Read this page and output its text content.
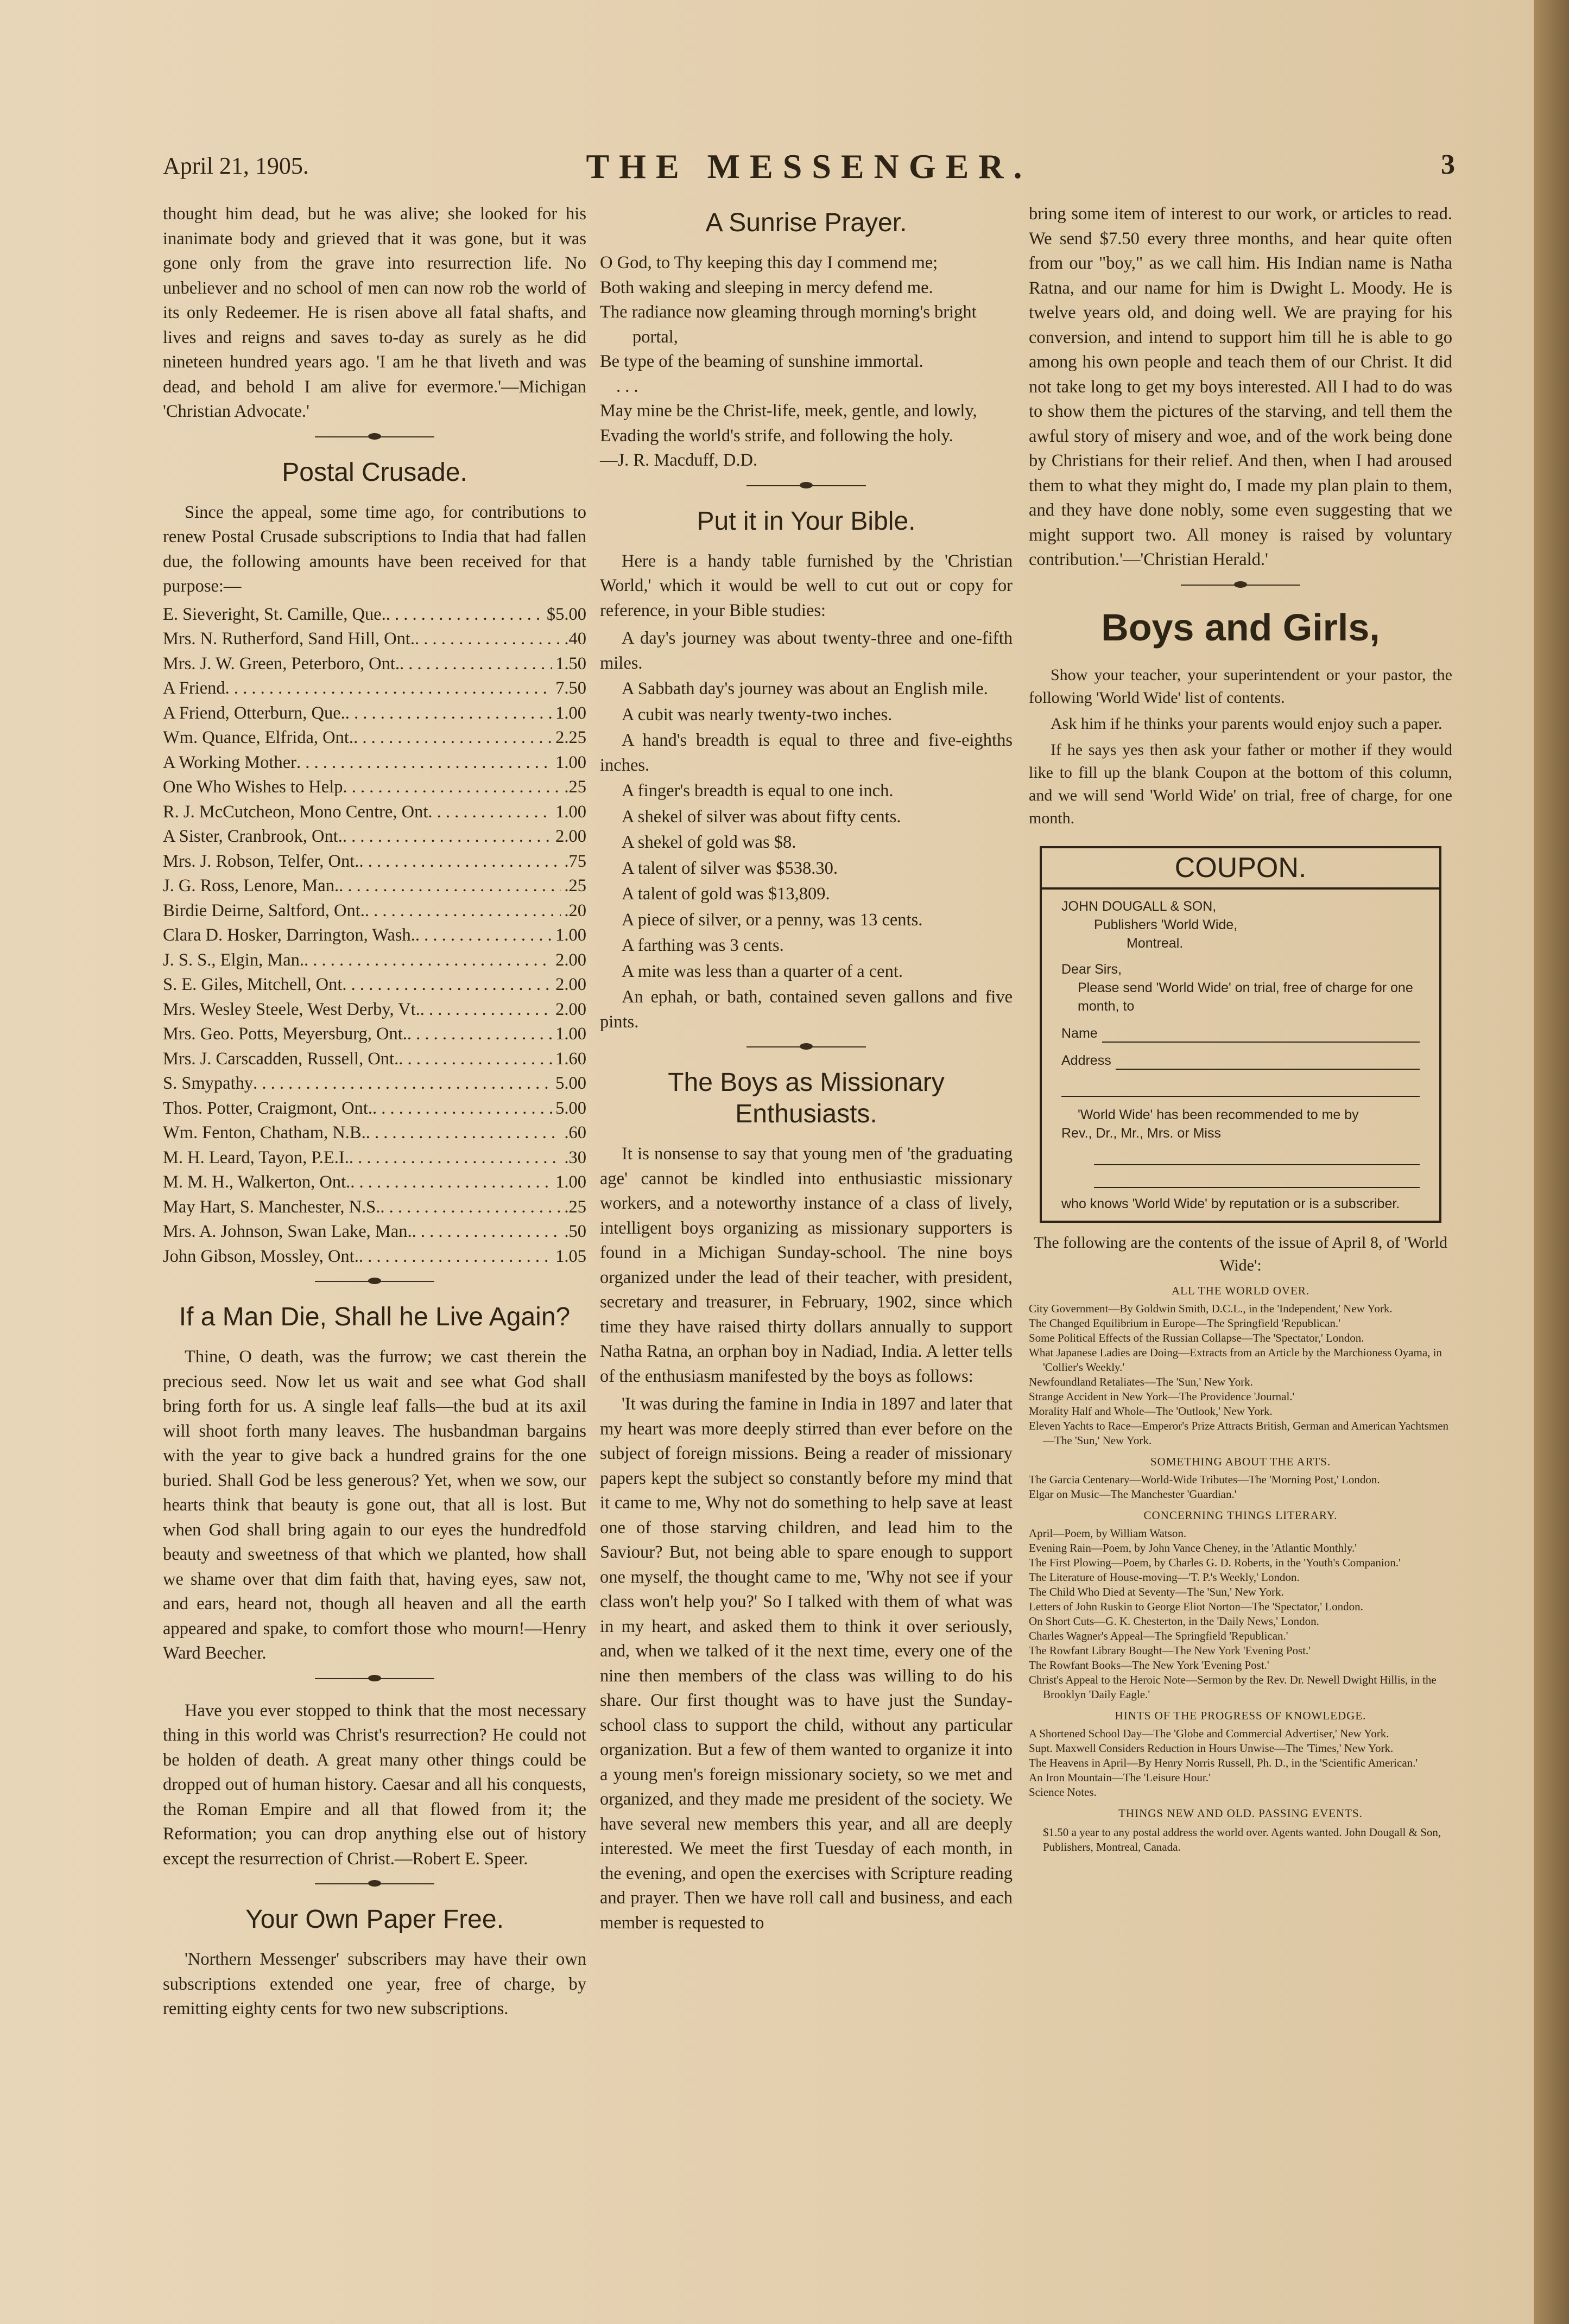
April 21, 1905.	THE MESSENGER.	3

thought him dead, but he was alive; she looked for his inanimate body and grieved that it was gone, but it was gone only from the grave into resurrection life. No unbeliever and no school of men can now rob the world of its only Redeemer. He is risen above all fatal shafts, and lives and reigns and saves to-day as surely as he did nineteen hundred years ago. 'I am he that liveth and was dead, and behold I am alive for evermore.'—Michigan 'Christian Advocate.'

Postal Crusade.

Since the appeal, some time ago, for contributions to renew Postal Crusade subscriptions to India that had fallen due, the following amounts have been received for that purpose:—

E. Sieveright, St. Camille, Que. . . .	$5.00
Mrs. N. Rutherford, Sand Hill, Ont. . . .	.40
Mrs. J. W. Green, Peterboro, Ont. . . .	1.50
A Friend . . .	7.50
A Friend, Otterburn, Que. . . .	1.00
Wm. Quance, Elfrida, Ont. . . .	2.25
A Working Mother . . .	1.00
One Who Wishes to Help . . .	.25
R. J. McCutcheon, Mono Centre, Ont . . .	1.00
A Sister, Cranbrook, Ont. . . .	2.00
Mrs. J. Robson, Telfer, Ont. . . .	.75
J. G. Ross, Lenore, Man. . . .	.25
Birdie Deirne, Saltford, Ont. . . .	.20
Clara D. Hosker, Darrington, Wash. . . .	1.00
J. S. S., Elgin, Man. . . .	2.00
S. E. Giles, Mitchell, Ont . . .	2.00
Mrs. Wesley Steele, West Derby, Vt. . . .	2.00
Mrs. Geo. Potts, Meyersburg, Ont. . . .	1.00
Mrs. J. Carscadden, Russell, Ont. . . .	1.60
S. Smypathy . . .	5.00
Thos. Potter, Craigmont, Ont. . . .	5.00
Wm. Fenton, Chatham, N.B. . . .	.60
M. H. Leard, Tayon, P.E.I. . . .	.30
M. M. H., Walkerton, Ont. . . .	1.00
May Hart, S. Manchester, N.S. . . .	.25
Mrs. A. Johnson, Swan Lake, Man. . . .	.50
John Gibson, Mossley, Ont. . . .	1.05
If a Man Die, Shall he Live Again?

Thine, O death, was the furrow; we cast therein the precious seed. Now let us wait and see what God shall bring forth for us. A single leaf falls—the bud at its axil will shoot forth many leaves. The husbandman bargains with the year to give back a hundred grains for the one buried. Shall God be less generous? Yet, when we sow, our hearts think that beauty is gone out, that all is lost. But when God shall bring again to our eyes the hundredfold beauty and sweetness of that which we planted, how shall we shame over that dim faith that, having eyes, saw not, and ears, heard not, though all heaven and all the earth appeared and spake, to comfort those who mourn!—Henry Ward Beecher.

Have you ever stopped to think that the most necessary thing in this world was Christ's resurrection? He could not be holden of death. A great many other things could be dropped out of human history. Caesar and all his conquests, the Roman Empire and all that flowed from it; the Reformation; you can drop anything else out of history except the resurrection of Christ.—Robert E. Speer.

Your Own Paper Free.

'Northern Messenger' subscribers may have their own subscriptions extended one year, free of charge, by remitting eighty cents for two new subscriptions.

A Sunrise Prayer.

O God, to Thy keeping this day I commend me;

Both waking and sleeping in mercy defend me.

The radiance now gleaming through morning's bright portal,

Be type of the beaming of sunshine immortal.

. . .

May mine be the Christ-life, meek, gentle, and lowly,

Evading the world's strife, and following the holy.

—J. R. Macduff, D.D.

Put it in Your Bible.

Here is a handy table furnished by the 'Christian World,' which it would be well to cut out or copy for reference, in your Bible studies:

A day's journey was about twenty-three and one-fifth miles.

A Sabbath day's journey was about an English mile.

A cubit was nearly twenty-two inches.

A hand's breadth is equal to three and five-eighths inches.

A finger's breadth is equal to one inch.

A shekel of silver was about fifty cents.

A shekel of gold was $8.

A talent of silver was $538.30.

A talent of gold was $13,809.

A piece of silver, or a penny, was 13 cents.

A farthing was 3 cents.

A mite was less than a quarter of a cent.

An ephah, or bath, contained seven gallons and five pints.

The Boys as Missionary Enthusiasts.

It is nonsense to say that young men of 'the graduating age' cannot be kindled into enthusiastic missionary workers, and a noteworthy instance of a class of lively, intelligent boys organizing as missionary supporters is found in a Michigan Sunday-school. The nine boys organized under the lead of their teacher, with president, secretary and treasurer, in February, 1902, since which time they have raised thirty dollars annually to support Natha Ratna, an orphan boy in Nadiad, India. A letter tells of the enthusiasm manifested by the boys as follows:

'It was during the famine in India in 1897 and later that my heart was more deeply stirred than ever before on the subject of foreign missions. Being a reader of missionary papers kept the subject so constantly before my mind that it came to me, Why not do something to help save at least one of those starving children, and lead him to the Saviour? But, not being able to spare enough to support one myself, the thought came to me, 'Why not see if your class won't help you?' So I talked with them of what was in my heart, and asked them to think it over seriously, and, when we talked of it the next time, every one of the nine then members of the class was willing to do his share. Our first thought was to have just the Sunday-school class to support the child, without any particular organization. But a few of them wanted to organize it into a young men's foreign missionary society, so we met and organized, and they made me president of the society. We have several new members this year, and all are deeply interested. We meet the first Tuesday of each month, in the evening, and open the exercises with Scripture reading and prayer. Then we have roll call and business, and each member is requested to

bring some item of interest to our work, or articles to read. We send $7.50 every three months, and hear quite often from our "boy," as we call him. His Indian name is Natha Ratna, and our name for him is Dwight L. Moody. He is twelve years old, and doing well. We are praying for his conversion, and intend to support him till he is able to go among his own people and teach them of our Christ. It did not take long to get my boys interested. All I had to do was to show them the pictures of the starving, and tell them the awful story of misery and woe, and of the work being done by Christians for their relief. And then, when I had aroused them to what they might do, I made my plan plain to them, and they have done nobly, some even suggesting that we might support two. All money is raised by voluntary contribution.'—'Christian Herald.'

Boys and Girls,

Show your teacher, your superintendent or your pastor, the following 'World Wide' list of contents.

Ask him if he thinks your parents would enjoy such a paper.

If he says yes then ask your father or mother if they would like to fill up the blank Coupon at the bottom of this column, and we will send 'World Wide' on trial, free of charge, for one month.

COUPON.
JOHN DOUGALL & SON,
Publishers 'World Wide,
Montreal.
Dear Sirs,
Please send 'World Wide' on trial, free of charge for one month, to
Name
Address
'World Wide' has been recommended to me by
Rev., Dr., Mr., Mrs. or Miss
who knows 'World Wide' by reputation or is a subscriber.

The following are the contents of the issue of April 8, of 'World Wide':

ALL THE WORLD OVER.

City Government—By Goldwin Smith, D.C.L., in the 'Independent,' New York.

The Changed Equilibrium in Europe—The Springfield 'Republican.'

Some Political Effects of the Russian Collapse—The 'Spectator,' London.

What Japanese Ladies are Doing—Extracts from an Article by the Marchioness Oyama, in 'Collier's Weekly.'

Newfoundland Retaliates—The 'Sun,' New York.

Strange Accident in New York—The Providence 'Journal.'

Morality Half and Whole—The 'Outlook,' New York.

Eleven Yachts to Race—Emperor's Prize Attracts British, German and American Yachtsmen—The 'Sun,' New York.

SOMETHING ABOUT THE ARTS.

The Garcia Centenary—World-Wide Tributes—The 'Morning Post,' London.

Elgar on Music—The Manchester 'Guardian.'

CONCERNING THINGS LITERARY.

April—Poem, by William Watson.

Evening Rain—Poem, by John Vance Cheney, in the 'Atlantic Monthly.'

The First Plowing—Poem, by Charles G. D. Roberts, in the 'Youth's Companion.'

The Literature of House-moving—'T. P.'s Weekly,' London.

The Child Who Died at Seventy—The 'Sun,' New York.

Letters of John Ruskin to George Eliot Norton—The 'Spectator,' London.

On Short Cuts—G. K. Chesterton, in the 'Daily News,' London.

Charles Wagner's Appeal—The Springfield 'Republican.'

The Rowfant Library Bought—The New York 'Evening Post.'

The Rowfant Books—The New York 'Evening Post.'

Christ's Appeal to the Heroic Note—Sermon by the Rev. Dr. Newell Dwight Hillis, in the Brooklyn 'Daily Eagle.'

HINTS OF THE PROGRESS OF KNOWLEDGE.

A Shortened School Day—The 'Globe and Commercial Advertiser,' New York.

Supt. Maxwell Considers Reduction in Hours Unwise—The 'Times,' New York.

The Heavens in April—By Henry Norris Russell, Ph. D., in the 'Scientific American.'

An Iron Mountain—The 'Leisure Hour.'

Science Notes.

THINGS NEW AND OLD. PASSING EVENTS.

$1.50 a year to any postal address the world over. Agents wanted. John Dougall & Son, Publishers, Montreal, Canada.
